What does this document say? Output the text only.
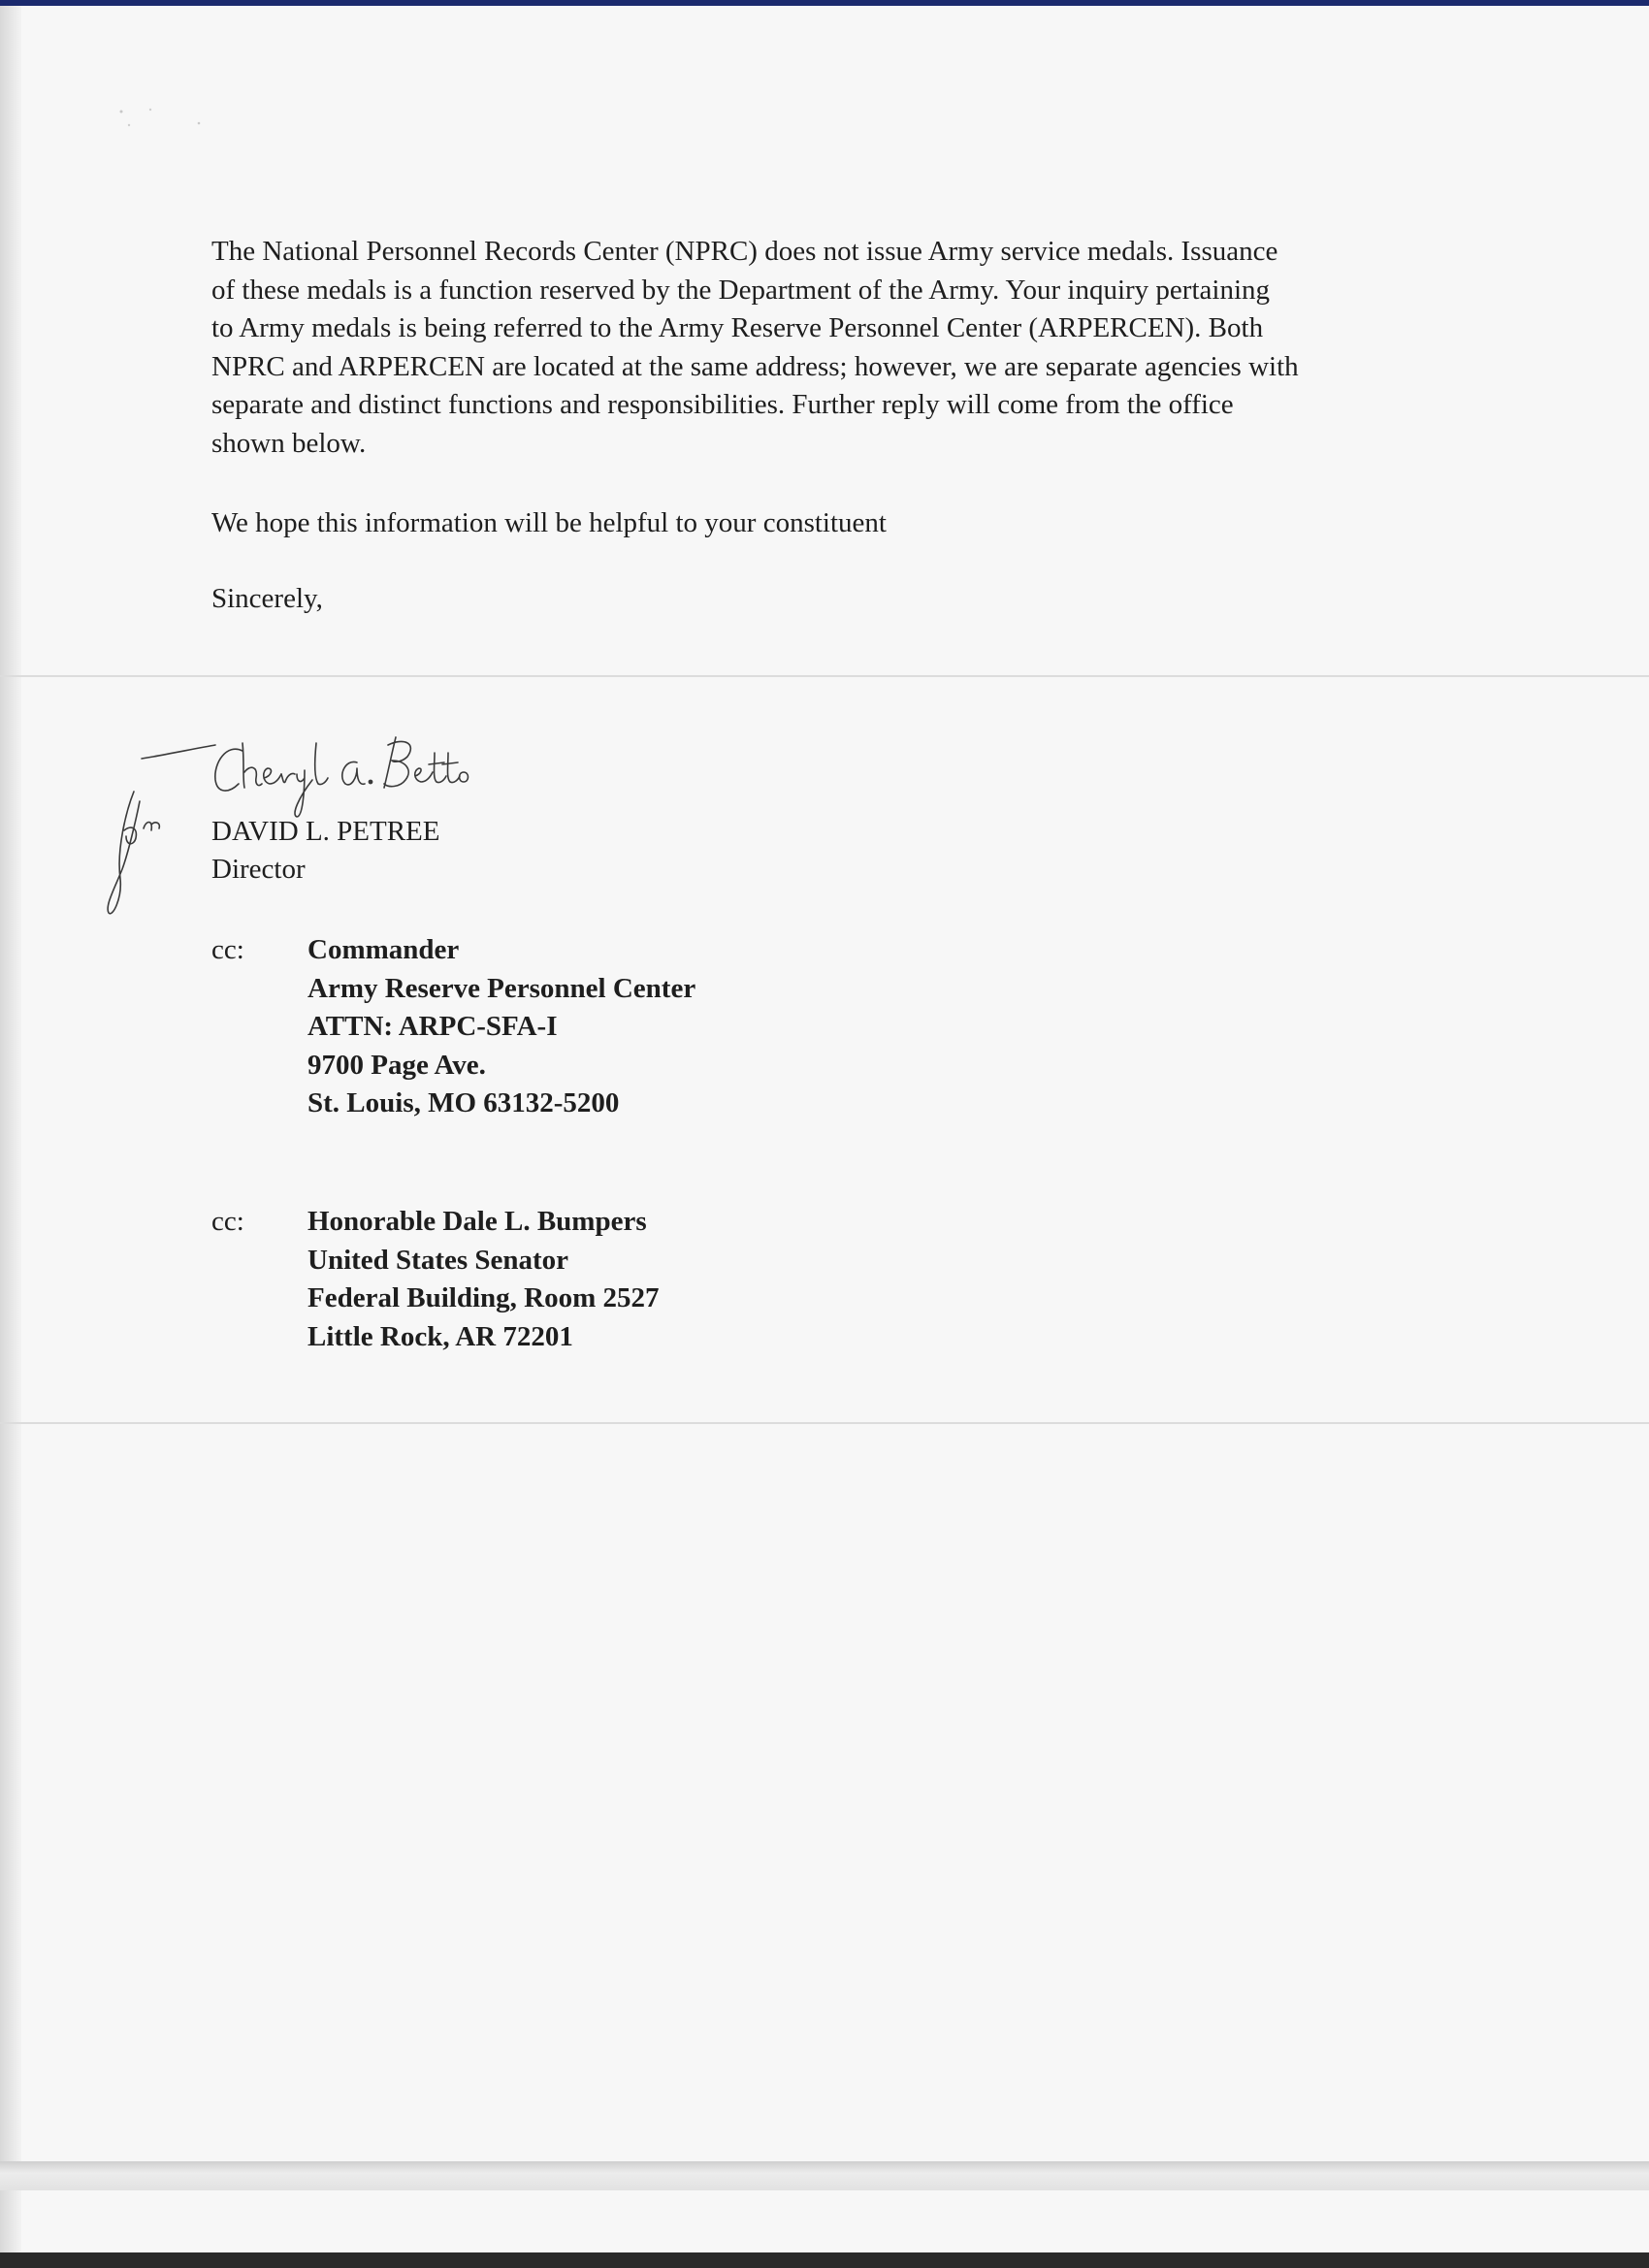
The National Personnel Records Center (NPRC) does not issue Army service medals. Issuance
of these medals is a function reserved by the Department of the Army. Your inquiry pertaining
to Army medals is being referred to the Army Reserve Personnel Center (ARPERCEN). Both
NPRC and ARPERCEN are located at the same address; however, we are separate agencies with
separate and distinct functions and responsibilities. Further reply will come from the office
shown below.
We hope this information will be helpful to your constituent
Sincerely,
DAVID L. PETREE
Director
cc:	Commander
Army Reserve Personnel Center
ATTN: ARPC-SFA-I
9700 Page Ave.
St. Louis, MO 63132-5200
cc:	Honorable Dale L. Bumpers
United States Senator
Federal Building, Room 2527
Little Rock, AR 72201
